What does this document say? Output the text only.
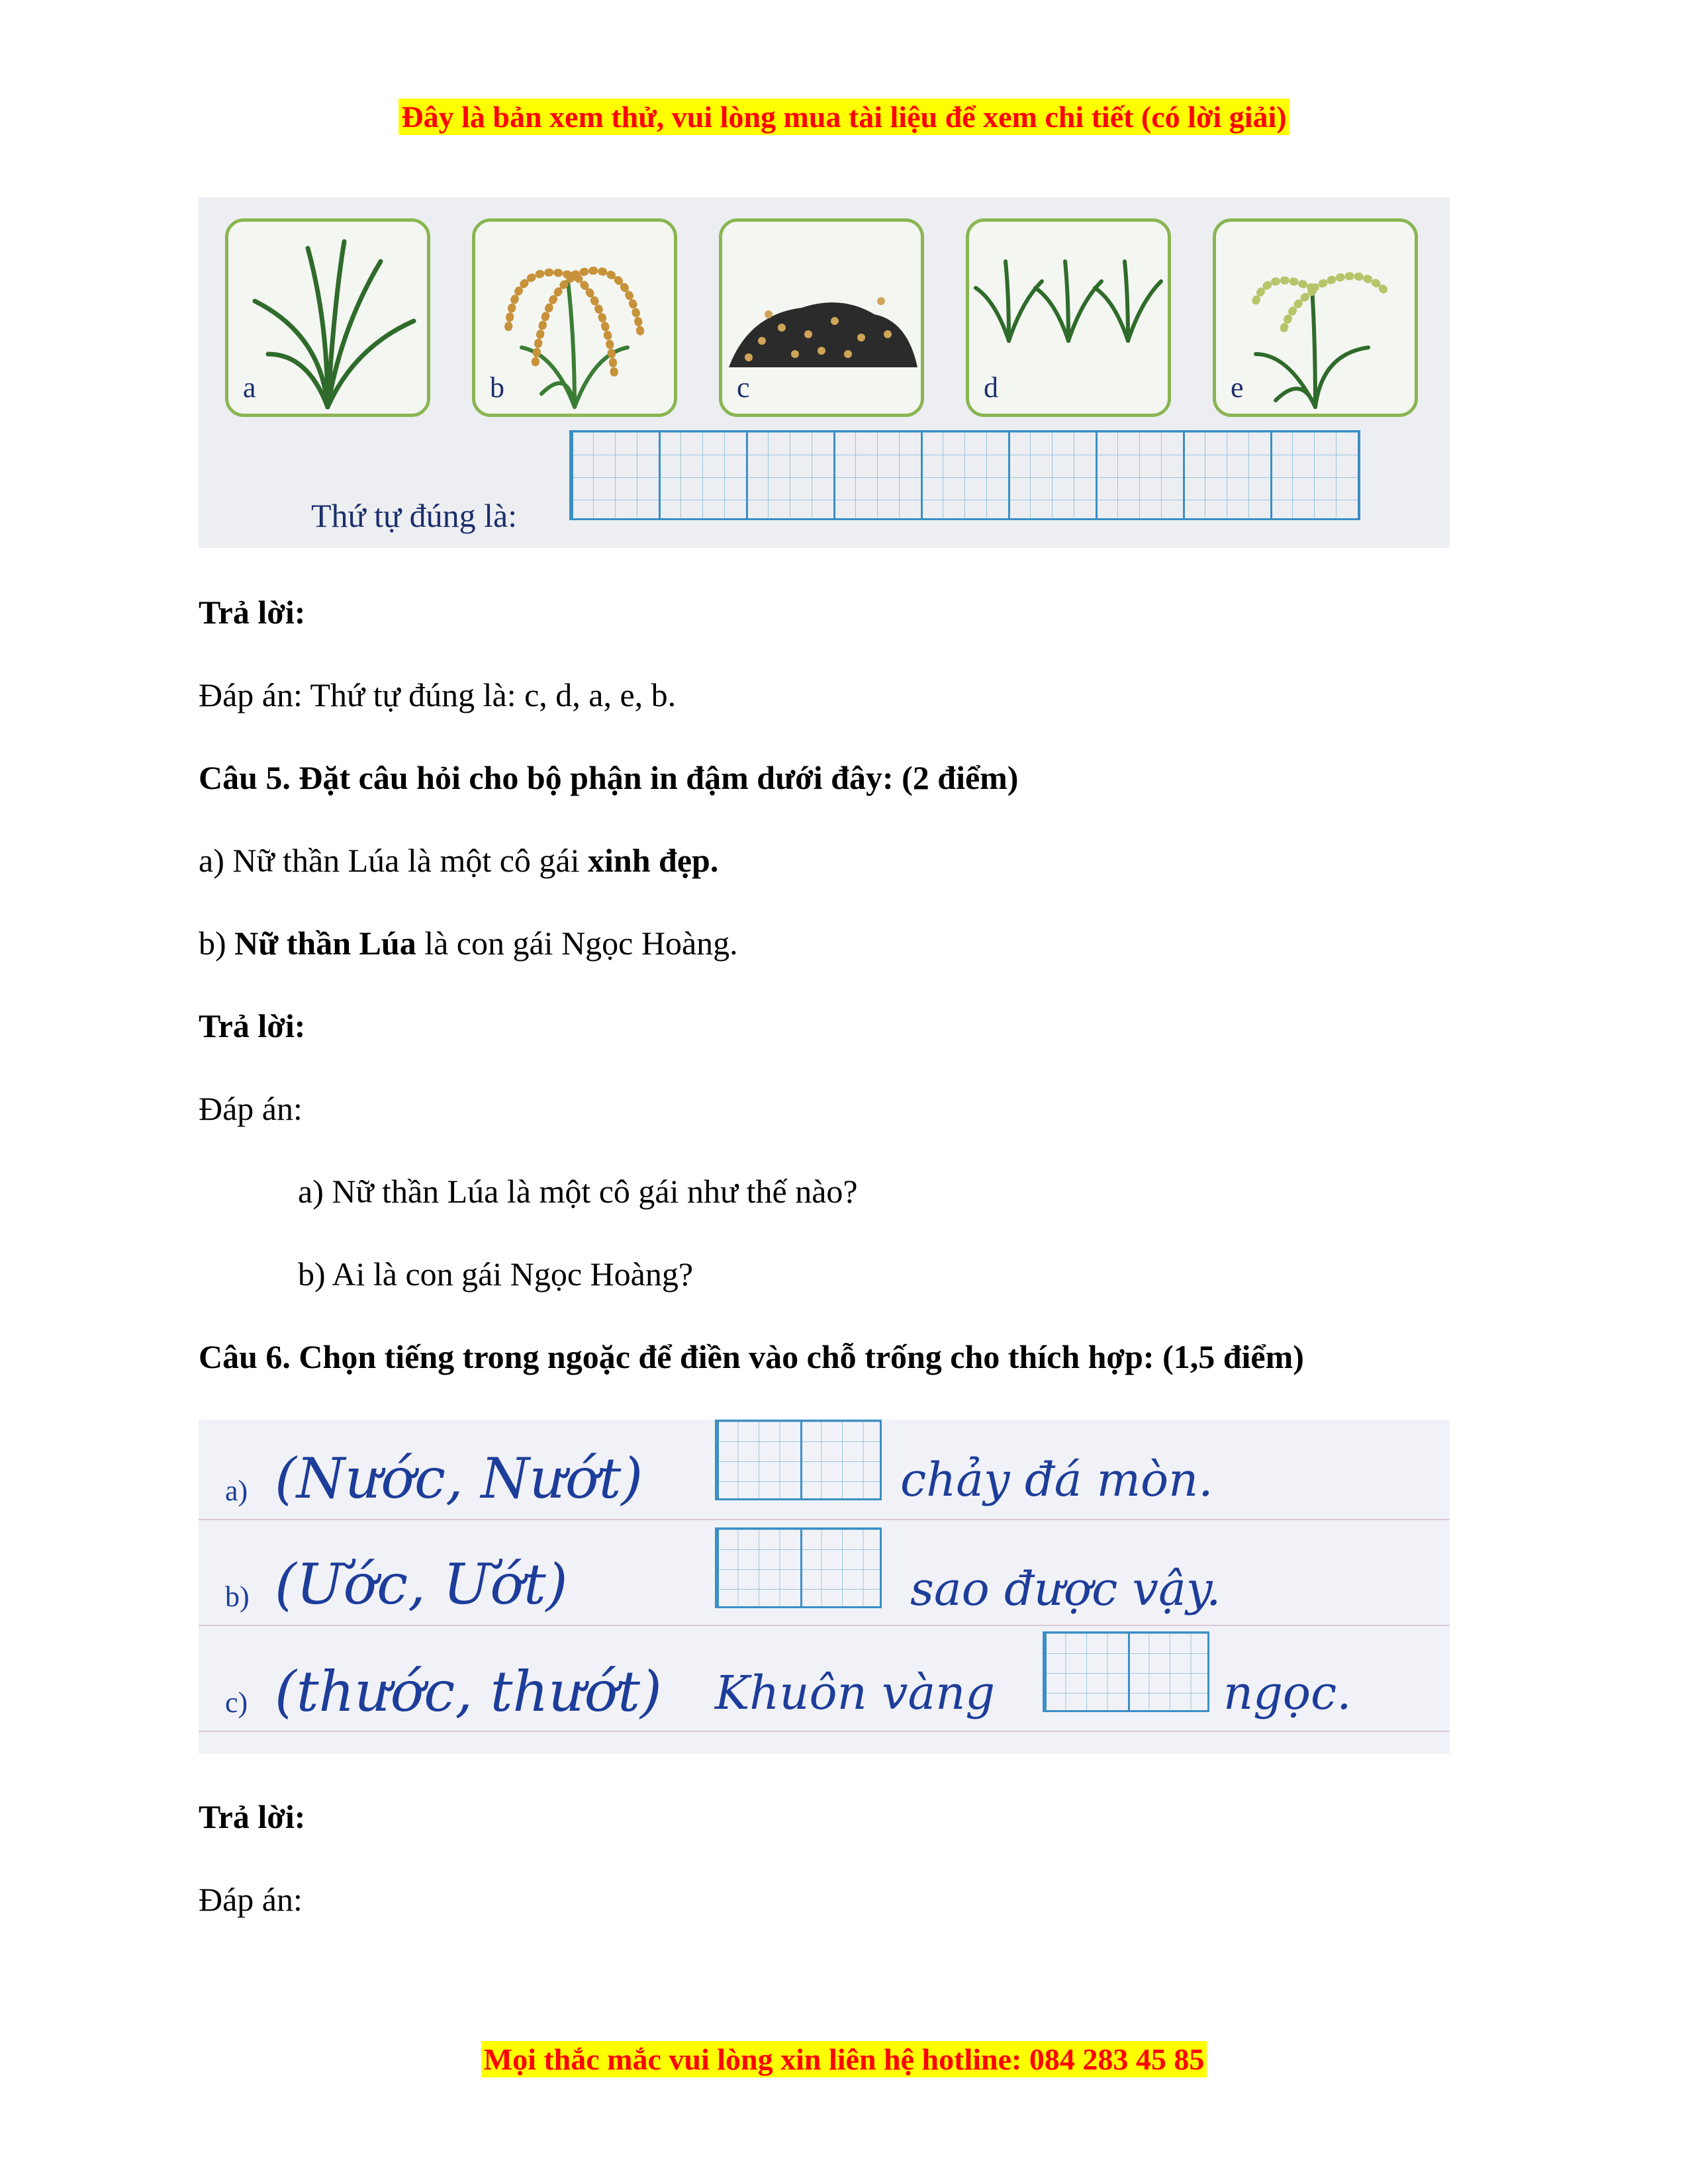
Đây là bản xem thử, vui lòng mua tài liệu để xem chi tiết (có lời giải)
a	b	c	d	e
Thứ tự đúng là:
Trả lời:
Đáp án: Thứ tự đúng là: c, d, a, e, b.
Câu 5. Đặt câu hỏi cho bộ phận in đậm dưới đây: (2 điểm)
a) Nữ thần Lúa là một cô gái xinh đẹp.
b) Nữ thần Lúa là con gái Ngọc Hoàng.
Trả lời:
Đáp án:
a) Nữ thần Lúa là một cô gái như thế nào?
b) Ai là con gái Ngọc Hoàng?
Câu 6. Chọn tiếng trong ngoặc để điền vào chỗ trống cho thích hợp: (1,5 điểm)
a) (Nước, Nướt)	chảy đá mòn.
b) (Ước, Ướt)	sao được vậy.
c) (thước, thướt) Khuôn vàng	ngọc.
Trả lời:
Đáp án:
Mọi thắc mắc vui lòng xin liên hệ hotline: 084 283 45 85
